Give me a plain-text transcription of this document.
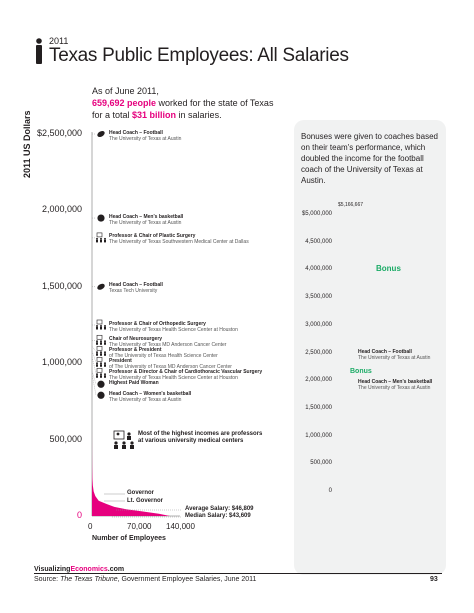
2011
Texas Public Employees: All Salaries
As of June 2011,
659,692 people worked for the state of Texas
for a total $31 billion in salaries.
2011 US Dollars $2,500,000
2,000,000
1,500,000
1,000,000
500,000
0
0	70,000 140,000
Number of Employees
Head Coach – Football
The University of Texas at Austin
Head Coach – Men's basketball
The University of Texas at Austin
Professor & Chair of Plastic Surgery
The University of Texas Southwestern Medical Center at Dallas
Head Coach – Football
Texas Tech University
Professor & Chair of Orthopedic Surgery
The University of Texas Health Science Center at Houston
Chair of Neurosurgery
The University of Texas MD Anderson Cancer Center
Professor & President
of The University of Texas Health Science Center
President
of The University of Texas MD Anderson Cancer Center
Professor & Director & Chair of Cardiothoracic Vascular Surgery
The University of Texas Health Science Center at Houston
Highest Paid Woman
Head Coach – Women's basketball
The University of Texas at Austin
Most of the highest incomes are professors at various university medical centers
Governor
Lt. Governor
Average Salary: $46,809
Median Salary: $43,609
Bonuses were given to coaches based on their team's performance, which doubled the income for the football coach of the University of Texas at Austin.
$5,000,000
4,500,000
4,000,000
3,500,000
3,000,000
2,500,000
2,000,000
1,500,000
1,000,000
500,000
0
$5,166,667
Bonus
Bonus
Head Coach – Football
The University of Texas at Austin
Head Coach – Men's basketball
The University of Texas at Austin
VisualizingEconomics.com
Source: The Texas Tribune, Government Employee Salaries, June 2011	93
